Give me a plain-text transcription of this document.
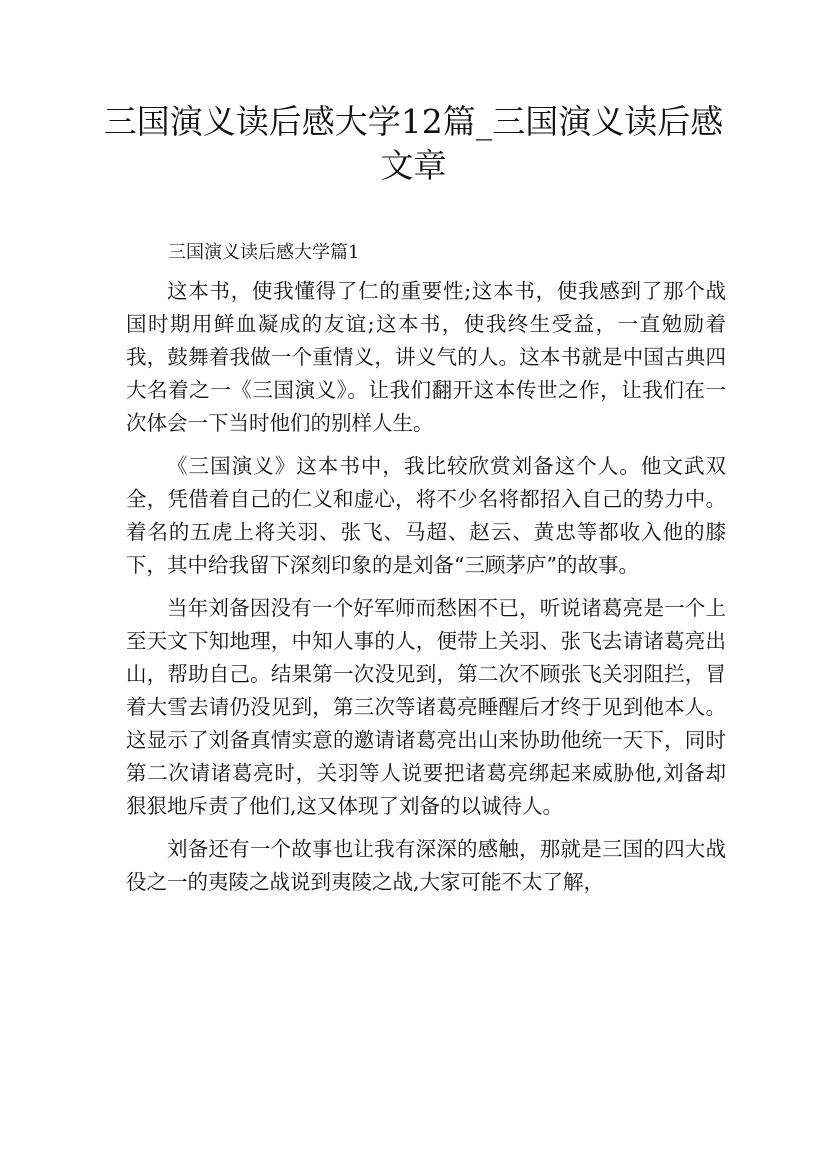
三国演义读后感大学12篇_三国演义读后感文章

三国演义读后感大学篇1

这本书，使我懂得了仁的重要性;这本书，使我感到了那个战国时期用鲜血凝成的友谊;这本书，使我终生受益，一直勉励着我，鼓舞着我做一个重情义，讲义气的人。这本书就是中国古典四大名着之一《三国演义》。让我们翻开这本传世之作，让我们在一次体会一下当时他们的别样人生。

《三国演义》这本书中，我比较欣赏刘备这个人。他文武双全，凭借着自己的仁义和虚心，将不少名将都招入自己的势力中。着名的五虎上将关羽、张飞、马超、赵云、黄忠等都收入他的膝下，其中给我留下深刻印象的是刘备“三顾茅庐”的故事。

当年刘备因没有一个好军师而愁困不已，听说诸葛亮是一个上至天文下知地理，中知人事的人，便带上关羽、张飞去请诸葛亮出山，帮助自己。结果第一次没见到，第二次不顾张飞关羽阻拦，冒着大雪去请仍没见到，第三次等诸葛亮睡醒后才终于见到他本人。这显示了刘备真情实意的邀请诸葛亮出山来协助他统一天下，同时第二次请诸葛亮时，关羽等人说要把诸葛亮绑起来威胁他,刘备却狠狠地斥责了他们,这又体现了刘备的以诚待人。

刘备还有一个故事也让我有深深的感触，那就是三国的四大战役之一的夷陵之战说到夷陵之战,大家可能不太了解，
